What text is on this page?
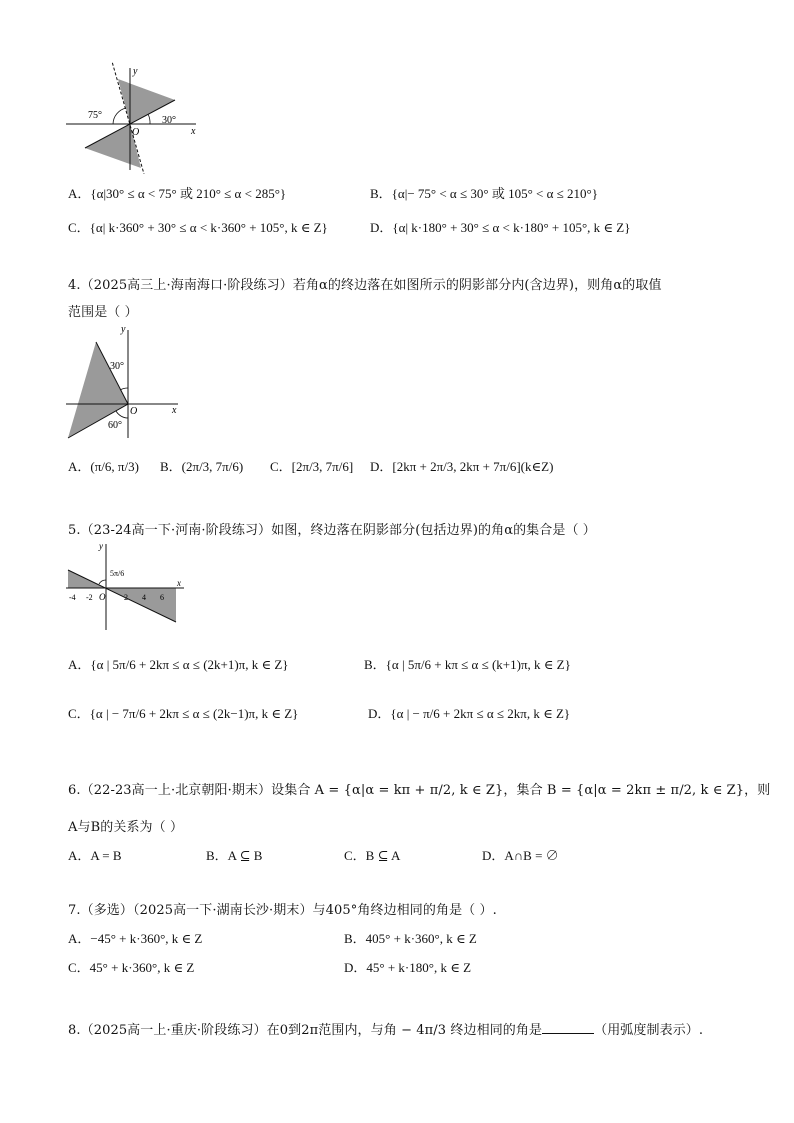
y
x
O
75°	30°
A．{α|30° ≤ α < 75° 或 210° ≤ α < 285°}	B．{α|− 75° < α ≤ 30° 或 105° < α ≤ 210°}
C．{α| k·360° + 30° ≤ α < k·360° + 105°, k ∈ Z}	D．{α| k·180° + 30° ≤ α < k·180° + 105°, k ∈ Z}
4.（2025高三上·海南海口·阶段练习）若角α的终边落在如图所示的阴影部分内(含边界)，则角α的取值
范围是（ ）
y
x
O
30°
60°
A．(π/6, π/3) B．(2π/3, 7π/6) C．[2π/3, 7π/6] D．[2kπ + 2π/3, 2kπ + 7π/6](k∈Z)
5.（23-24高一下·河南·阶段练习）如图，终边落在阴影部分(包括边界)的角α的集合是（ ）
y
x
O
5π/6
-4 -2	2 4 6
A．{α | 5π/6 + 2kπ ≤ α ≤ (2k+1)π, k ∈ Z}	B．{α | 5π/6 + kπ ≤ α ≤ (k+1)π, k ∈ Z}
C．{α | − 7π/6 + 2kπ ≤ α ≤ (2k−1)π, k ∈ Z}	D．{α | − π/6 + 2kπ ≤ α ≤ 2kπ, k ∈ Z}
6.（22-23高一上·北京朝阳·期末）设集合 A = {α|α = kπ + π/2, k ∈ Z}，集合 B = {α|α = 2kπ ± π/2, k ∈ Z}，则
A与B的关系为（ ）
A．A = B	B．A ⊆ B	C．B ⊆ A	D．A∩B = ∅
7.（多选）（2025高一下·湖南长沙·期末）与405°角终边相同的角是（ ）.
A．−45° + k·360°, k ∈ Z	B．405° + k·360°, k ∈ Z
C．45° + k·360°, k ∈ Z	D．45° + k·180°, k ∈ Z
8.（2025高一上·重庆·阶段练习）在0到2π范围内，与角 − 4π/3 终边相同的角是	（用弧度制表示）.
